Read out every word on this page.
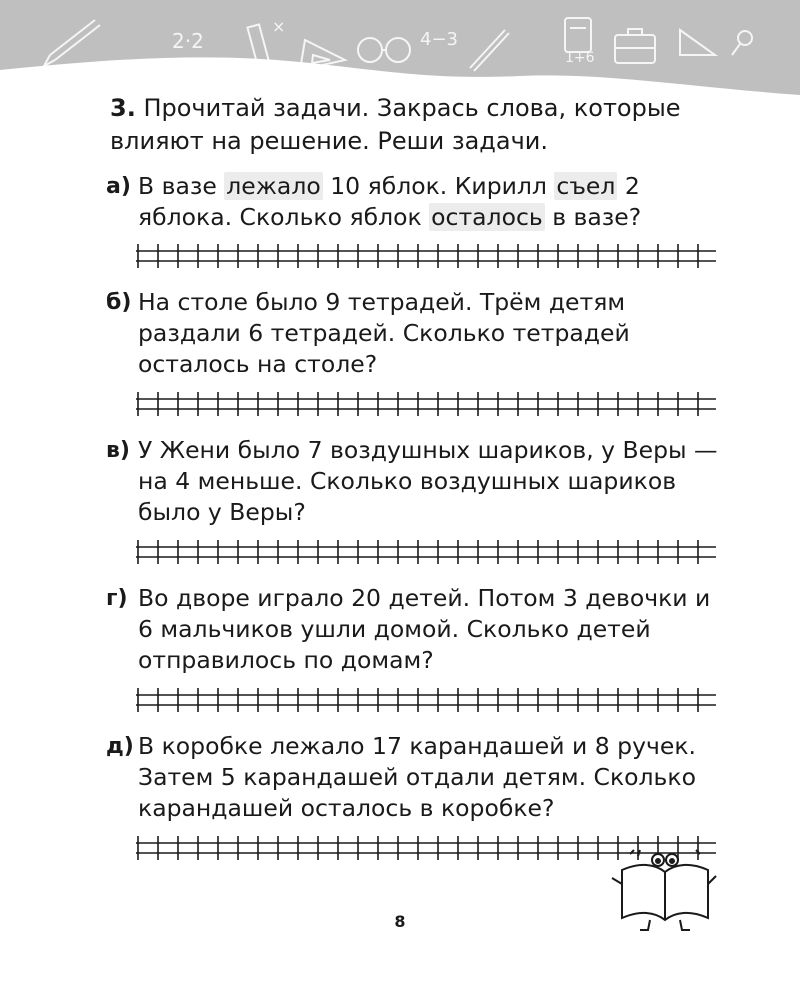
2·2
×
4−3
1+6

3. Прочитай задачи. Закрась слова, которые влияют на решение. Реши задачи.

а) В вазе лежало 10 яблок. Кирилл съел 2 яблока. Сколько яблок осталось в вазе?

б) На столе было 9 тетрадей. Трём детям раздали 6 тетрадей. Сколько тетрадей осталось на столе?

в) У Жени было 7 воздушных шариков, у Веры — на 4 меньше. Сколько воздушных шариков было у Веры?

г) Во дворе играло 20 детей. Потом 3 девочки и 6 мальчиков ушли домой. Сколько детей отправилось по домам?

д) В коробке лежало 17 карандашей и 8 ручек. Затем 5 карандашей отдали детям. Сколько карандашей осталось в коробке?

8
